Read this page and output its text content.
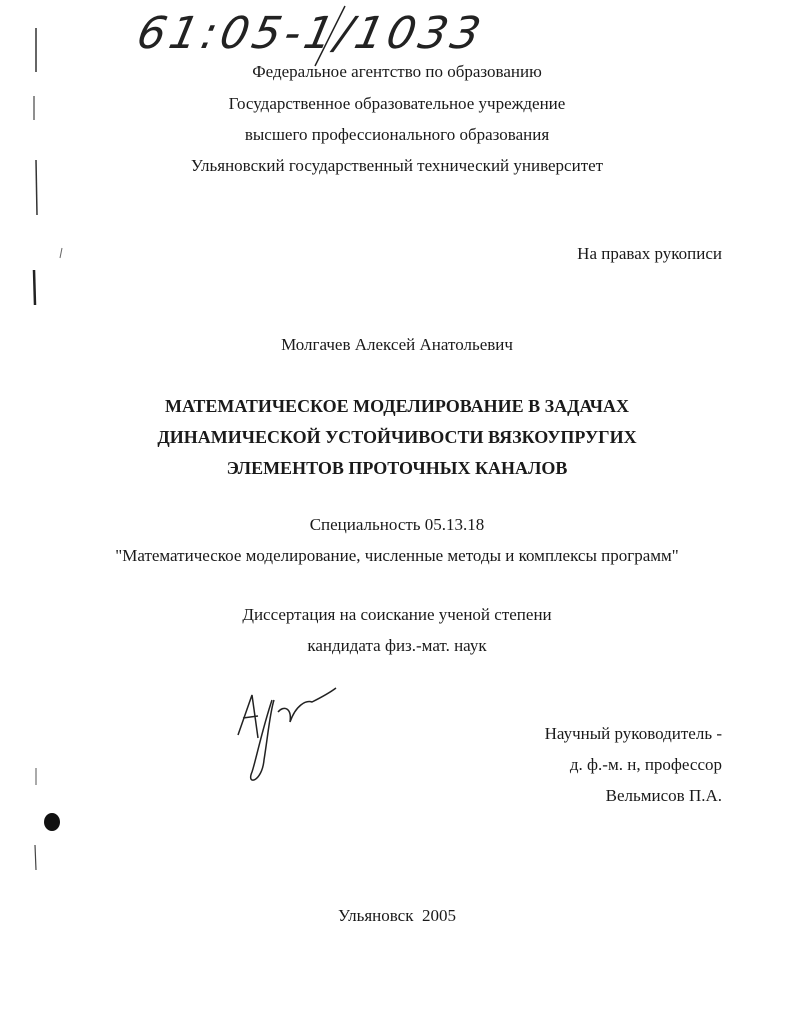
61:05-1/1033
Федеральное агентство по образованию
Государственное образовательное учреждение
высшего профессионального образования
Ульяновский государственный технический университет
На правах рукописи
Молгачев Алексей Анатольевич
МАТЕМАТИЧЕСКОЕ МОДЕЛИРОВАНИЕ В ЗАДАЧАХ
ДИНАМИЧЕСКОЙ УСТОЙЧИВОСТИ ВЯЗКОУПРУГИХ
ЭЛЕМЕНТОВ ПРОТОЧНЫХ КАНАЛОВ
Специальность 05.13.18
"Математическое моделирование, численные методы и комплексы программ"
Диссертация на соискание ученой степени
кандидата физ.-мат. наук
Научный руководитель -
д. ф.-м. н, профессор
Вельмисов П.А.
Ульяновск  2005
